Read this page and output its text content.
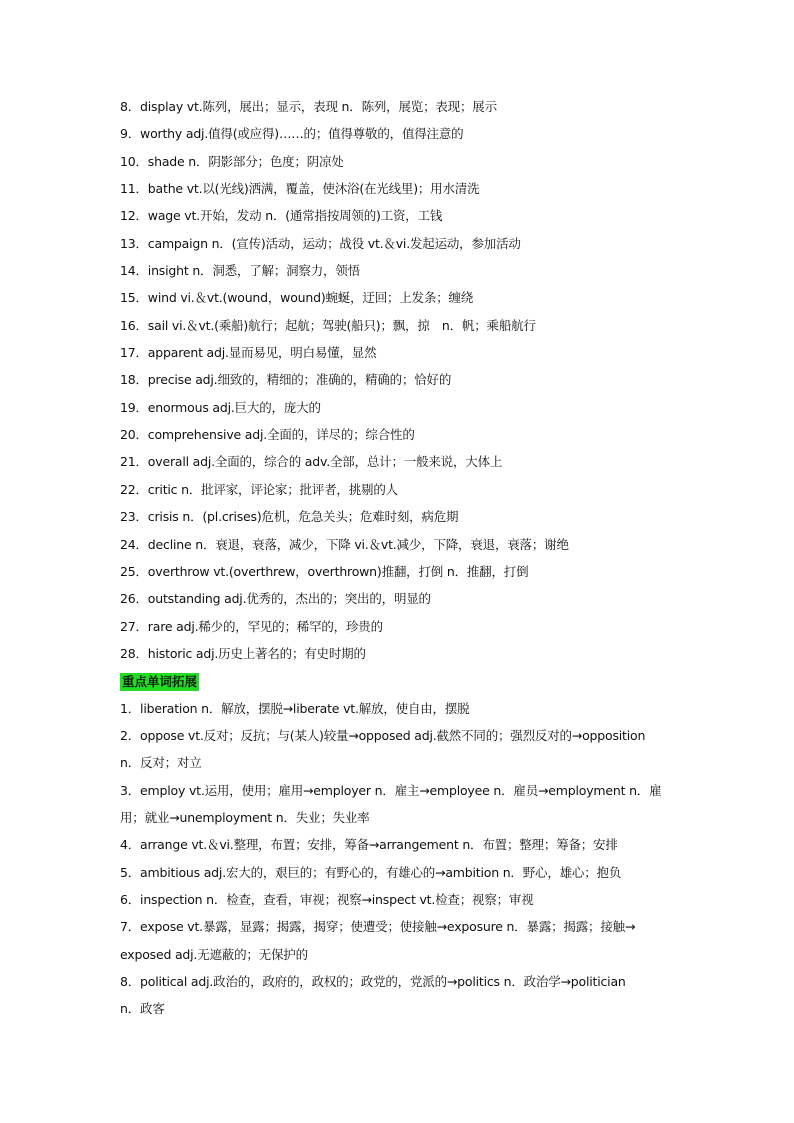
8．display vt.陈列，展出；显示，表现 n．陈列，展览；表现；展示
9．worthy adj.值得(或应得)……的；值得尊敬的，值得注意的
10．shade n．阴影部分；色度；阴凉处
11．bathe vt.以(光线)洒满，覆盖，使沐浴(在光线里)；用水清洗
12．wage vt.开始，发动 n．(通常指按周领的)工资，工钱
13．campaign n．(宣传)活动，运动；战役 vt.＆vi.发起运动，参加活动
14．insight n．洞悉，了解；洞察力，领悟
15．wind vi.＆vt.(wound，wound)蜿蜒，迂回；上发条；缠绕
16．sail vi.＆vt.(乘船)航行；起航；驾驶(船只)；飘，掠　n．帆；乘船航行
17．apparent adj.显而易见，明白易懂，显然
18．precise adj.细致的，精细的；准确的，精确的；恰好的
19．enormous adj.巨大的，庞大的
20．comprehensive adj.全面的，详尽的；综合性的
21．overall adj.全面的，综合的 adv.全部，总计；一般来说，大体上
22．critic n．批评家，评论家；批评者，挑剔的人
23．crisis n．(pl.crises)危机，危急关头；危难时刻，病危期
24．decline n．衰退，衰落，减少，下降 vi.＆vt.减少，下降，衰退，衰落；谢绝
25．overthrow vt.(overthrew，overthrown)推翻，打倒 n．推翻，打倒
26．outstanding adj.优秀的，杰出的；突出的，明显的
27．rare adj.稀少的，罕见的；稀罕的，珍贵的
28．historic adj.历史上著名的；有史时期的
重点单词拓展
1．liberation n．解放，摆脱→liberate vt.解放，使自由，摆脱
2．oppose vt.反对；反抗；与(某人)较量→opposed adj.截然不同的；强烈反对的→opposition
n．反对；对立
3．employ vt.运用，使用；雇用→employer n．雇主→employee n．雇员→employment n．雇
用；就业→unemployment n．失业；失业率
4．arrange vt.＆vi.整理，布置；安排，筹备→arrangement n．布置；整理；筹备；安排
5．ambitious adj.宏大的，艰巨的；有野心的，有雄心的→ambition n．野心，雄心；抱负
6．inspection n．检查，查看，审视；视察→inspect vt.检查；视察；审视
7．expose vt.暴露，显露；揭露，揭穿；使遭受；使接触→exposure n．暴露；揭露；接触→
exposed adj.无遮蔽的；无保护的
8．political adj.政治的，政府的，政权的；政党的，党派的→politics n．政治学→politician
n．政客
